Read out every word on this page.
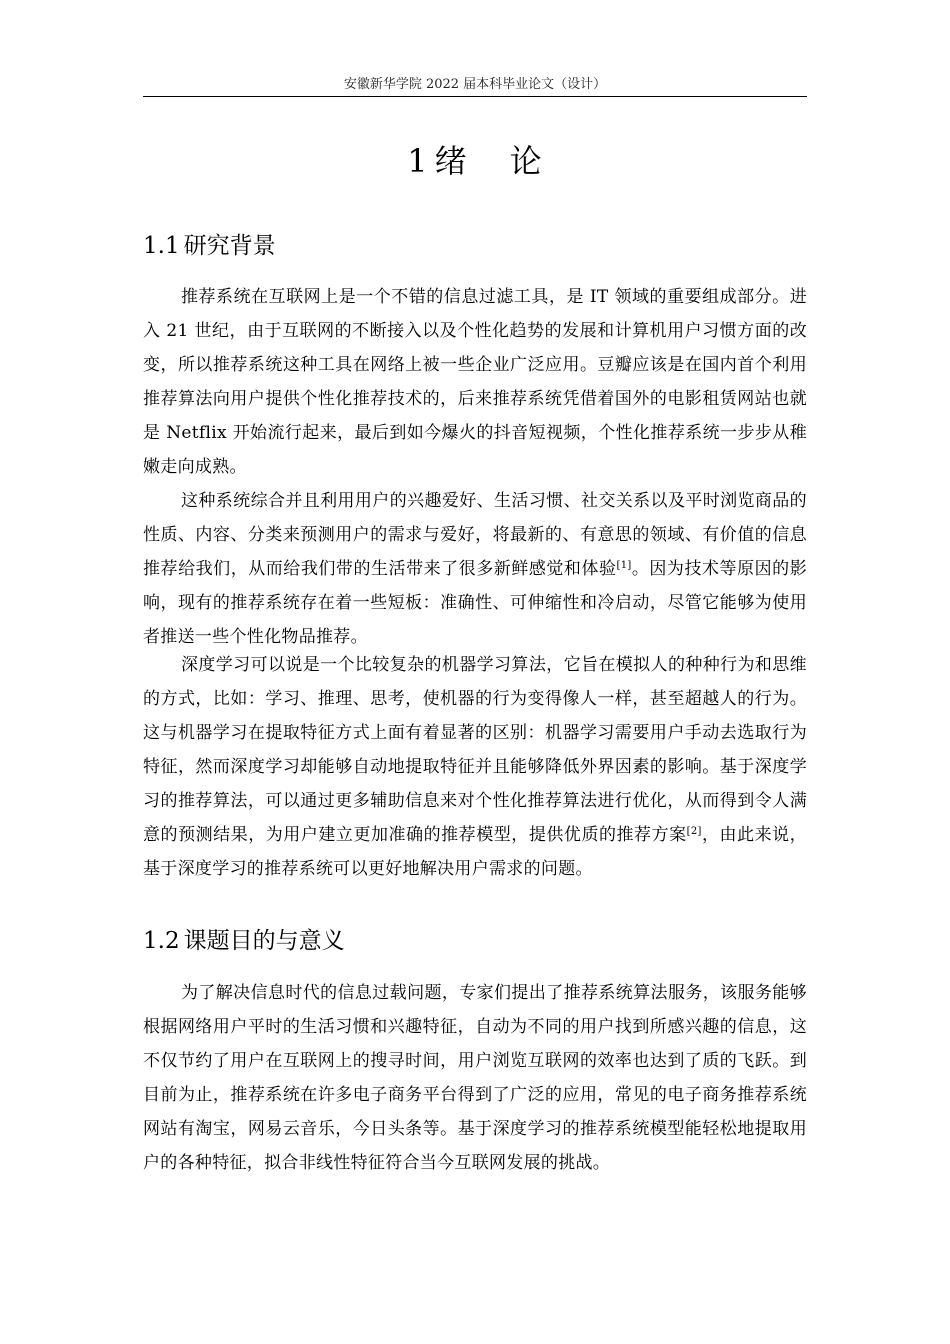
安徽新华学院 2022 届本科毕业论文（设计）
1 绪 论
1.1 研究背景

推荐系统在互联网上是一个不错的信息过滤工具，是 IT 领域的重要组成部分。进入 21 世纪，由于互联网的不断接入以及个性化趋势的发展和计算机用户习惯方面的改变，所以推荐系统这种工具在网络上被一些企业广泛应用。豆瓣应该是在国内首个利用推荐算法向用户提供个性化推荐技术的，后来推荐系统凭借着国外的电影租赁网站也就是 Netflix 开始流行起来，最后到如今爆火的抖音短视频，个性化推荐系统一步步从稚嫩走向成熟。

这种系统综合并且利用用户的兴趣爱好、生活习惯、社交关系以及平时浏览商品的性质、内容、分类来预测用户的需求与爱好，将最新的、有意思的领域、有价值的信息推荐给我们，从而给我们带的生活带来了很多新鲜感觉和体验[1]。因为技术等原因的影响，现有的推荐系统存在着一些短板：准确性、可伸缩性和冷启动，尽管它能够为使用者推送一些个性化物品推荐。

深度学习可以说是一个比较复杂的机器学习算法，它旨在模拟人的种种行为和思维的方式，比如：学习、推理、思考，使机器的行为变得像人一样，甚至超越人的行为。这与机器学习在提取特征方式上面有着显著的区别：机器学习需要用户手动去选取行为特征，然而深度学习却能够自动地提取特征并且能够降低外界因素的影响。基于深度学习的推荐算法，可以通过更多辅助信息来对个性化推荐算法进行优化，从而得到令人满意的预测结果，为用户建立更加准确的推荐模型，提供优质的推荐方案[2]，由此来说，基于深度学习的推荐系统可以更好地解决用户需求的问题。

1.2 课题目的与意义

为了解决信息时代的信息过载问题，专家们提出了推荐系统算法服务，该服务能够根据网络用户平时的生活习惯和兴趣特征，自动为不同的用户找到所感兴趣的信息，这不仅节约了用户在互联网上的搜寻时间，用户浏览互联网的效率也达到了质的飞跃。到目前为止，推荐系统在许多电子商务平台得到了广泛的应用，常见的电子商务推荐系统网站有淘宝，网易云音乐，今日头条等。基于深度学习的推荐系统模型能轻松地提取用户的各种特征，拟合非线性特征符合当今互联网发展的挑战。
